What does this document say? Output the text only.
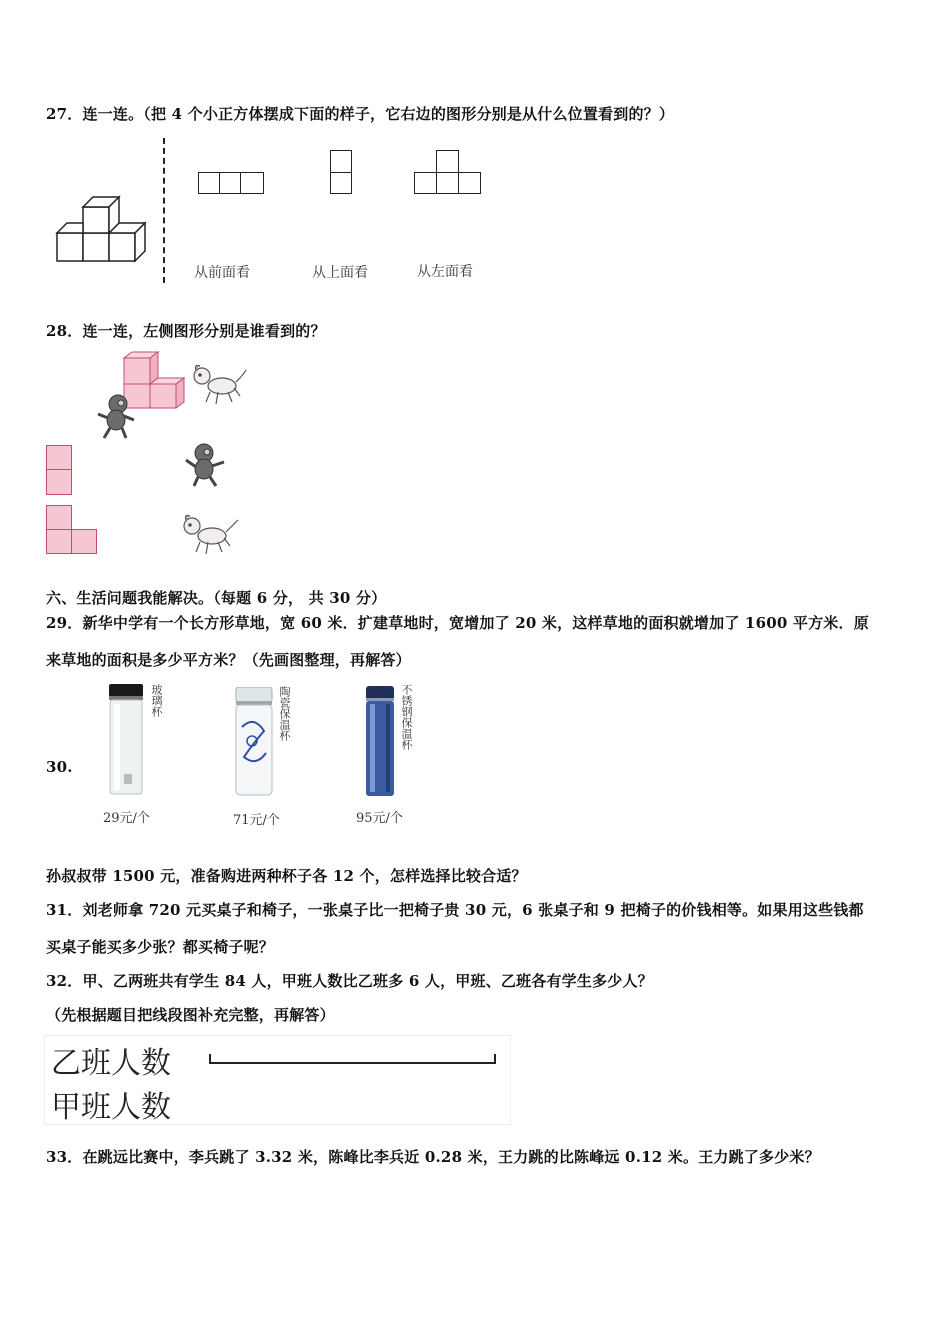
27．连一连。（把 4 个小正方体摆成下面的样子，它右边的图形分别是从什么位置看到的？）
从前面看	从上面看	从左面看
28．连一连，左侧图形分别是谁看到的？
六、生活问题我能解决。（每题 6 分， 共 30 分）
29．新华中学有一个长方形草地，宽 60 米．扩建草地时，宽增加了 20 米，这样草地的面积就增加了 1600 平方米．原
来草地的面积是多少平方米？（先画图整理，再解答）
30.
玻璃杯
29元/个
陶瓷保温杯
71元/个
不锈钢保温杯
95元/个
孙叔叔带 1500 元，准备购进两种杯子各 12 个，怎样选择比较合适？
31．刘老师拿 720 元买桌子和椅子，一张桌子比一把椅子贵 30 元，6 张桌子和 9 把椅子的价钱相等。如果用这些钱都
买桌子能买多少张？都买椅子呢？
32．甲、乙两班共有学生 84 人，甲班人数比乙班多 6 人，甲班、乙班各有学生多少人？
（先根据题目把线段图补充完整，再解答）
乙班人数
甲班人数
33．在跳远比赛中，李兵跳了 3.32 米，陈峰比李兵近 0.28 米，王力跳的比陈峰远 0.12 米。王力跳了多少米？
